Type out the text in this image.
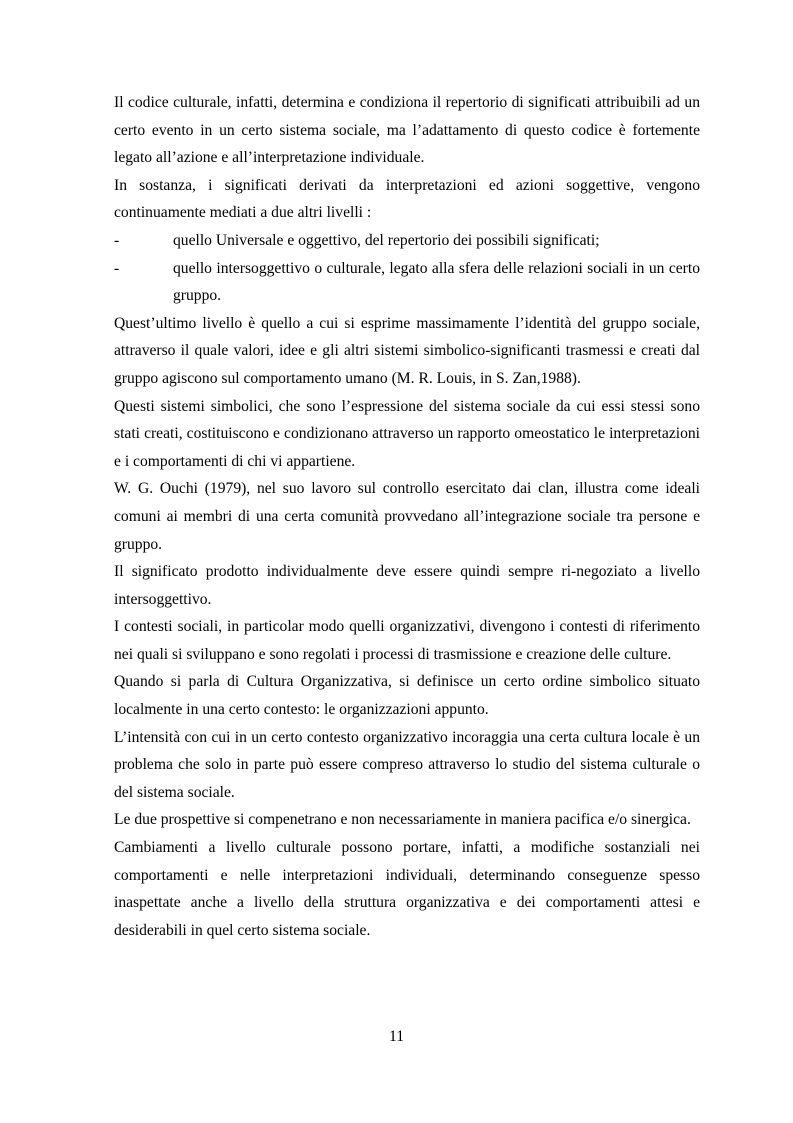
Il codice culturale, infatti, determina e condiziona il repertorio di significati attribuibili ad un certo evento in un certo sistema sociale, ma l’adattamento di questo codice è fortemente legato all’azione e all’interpretazione individuale.

In sostanza, i significati derivati da interpretazioni ed azioni soggettive, vengono continuamente mediati a due altri livelli :

-	quello Universale e oggettivo, del repertorio dei possibili significati;
-	quello intersoggettivo o culturale, legato alla sfera delle relazioni sociali in un certo gruppo.

Quest’ultimo livello è quello a cui si esprime massimamente l’identità del gruppo sociale, attraverso il quale valori, idee e gli altri sistemi simbolico-significanti trasmessi e creati dal gruppo agiscono sul comportamento umano (M. R. Louis, in S. Zan,1988).

Questi sistemi simbolici, che sono l’espressione del sistema sociale da cui essi stessi sono stati creati, costituiscono e condizionano attraverso un rapporto omeostatico le interpretazioni e i comportamenti di chi vi appartiene.

W. G. Ouchi (1979), nel suo lavoro sul controllo esercitato dai clan, illustra come ideali comuni ai membri di una certa comunità provvedano all’integrazione sociale tra persone e gruppo.

Il significato prodotto individualmente deve essere quindi sempre ri-negoziato a livello intersoggettivo.

I contesti sociali, in particolar modo quelli organizzativi, divengono i contesti di riferimento nei quali si sviluppano e sono regolati i processi di trasmissione e creazione delle culture.

Quando si parla di Cultura Organizzativa, si definisce un certo ordine simbolico situato localmente in una certo contesto: le organizzazioni appunto.

L’intensità con cui in un certo contesto organizzativo incoraggia una certa cultura locale è un problema che solo in parte può essere compreso attraverso lo studio del sistema culturale o del sistema sociale.

Le due prospettive si compenetrano e non necessariamente in maniera pacifica e/o sinergica.

Cambiamenti a livello culturale possono portare, infatti, a modifiche sostanziali nei comportamenti e nelle interpretazioni individuali, determinando conseguenze spesso inaspettate anche a livello della struttura organizzativa e dei comportamenti attesi e desiderabili in quel certo sistema sociale.

11
